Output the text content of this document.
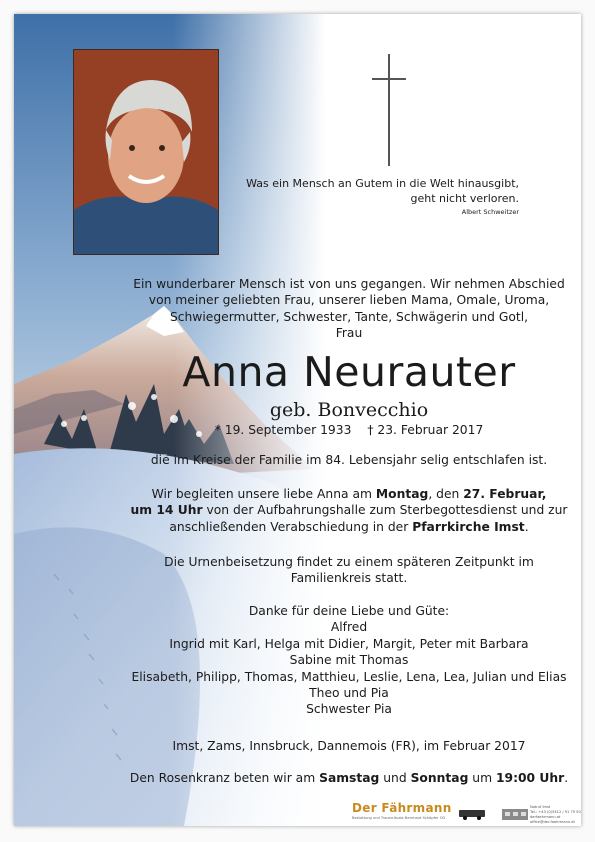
Was ein Mensch an Gutem in die Welt hinausgibt,
geht nicht verloren.
Albert Schweitzer
Ein wunderbarer Mensch ist von uns gegangen. Wir nehmen Abschied
von meiner geliebten Frau, unserer lieben Mama, Omale, Uroma,
Schwiegermutter, Schwester, Tante, Schwägerin und Gotl,
Frau
Anna Neurauter
geb. Bonvecchio
* 19. September 1933 † 23. Februar 2017
die im Kreise der Familie im 84. Lebensjahr selig entschlafen ist.
Wir begleiten unsere liebe Anna am Montag, den 27. Februar,
um 14 Uhr von der Aufbahrungshalle zum Sterbegottesdienst und zur
anschließenden Verabschiedung in der Pfarrkirche Imst.
Die Urnenbeisetzung findet zu einem späteren Zeitpunkt im
Familienkreis statt.
Danke für deine Liebe und Güte:
Alfred
Ingrid mit Karl, Helga mit Didier, Margit, Peter mit Barbara
Sabine mit Thomas
Elisabeth, Philipp, Thomas, Matthieu, Leslie, Lena, Lea, Julian und Elias
Theo und Pia
Schwester Pia
Imst, Zams, Innsbruck, Dannemois (FR), im Februar 2017
Den Rosenkranz beten wir am Samstag und Sonntag um 19:00 Uhr.
Der Fährmann
Bestattung und Trauerrituale Bernhard Schöpfer OG
Notruf Imst
Tel.: +43 (0)5412 / 91 79 50
derfaehrmann.at
office@der-faehrmann.at
